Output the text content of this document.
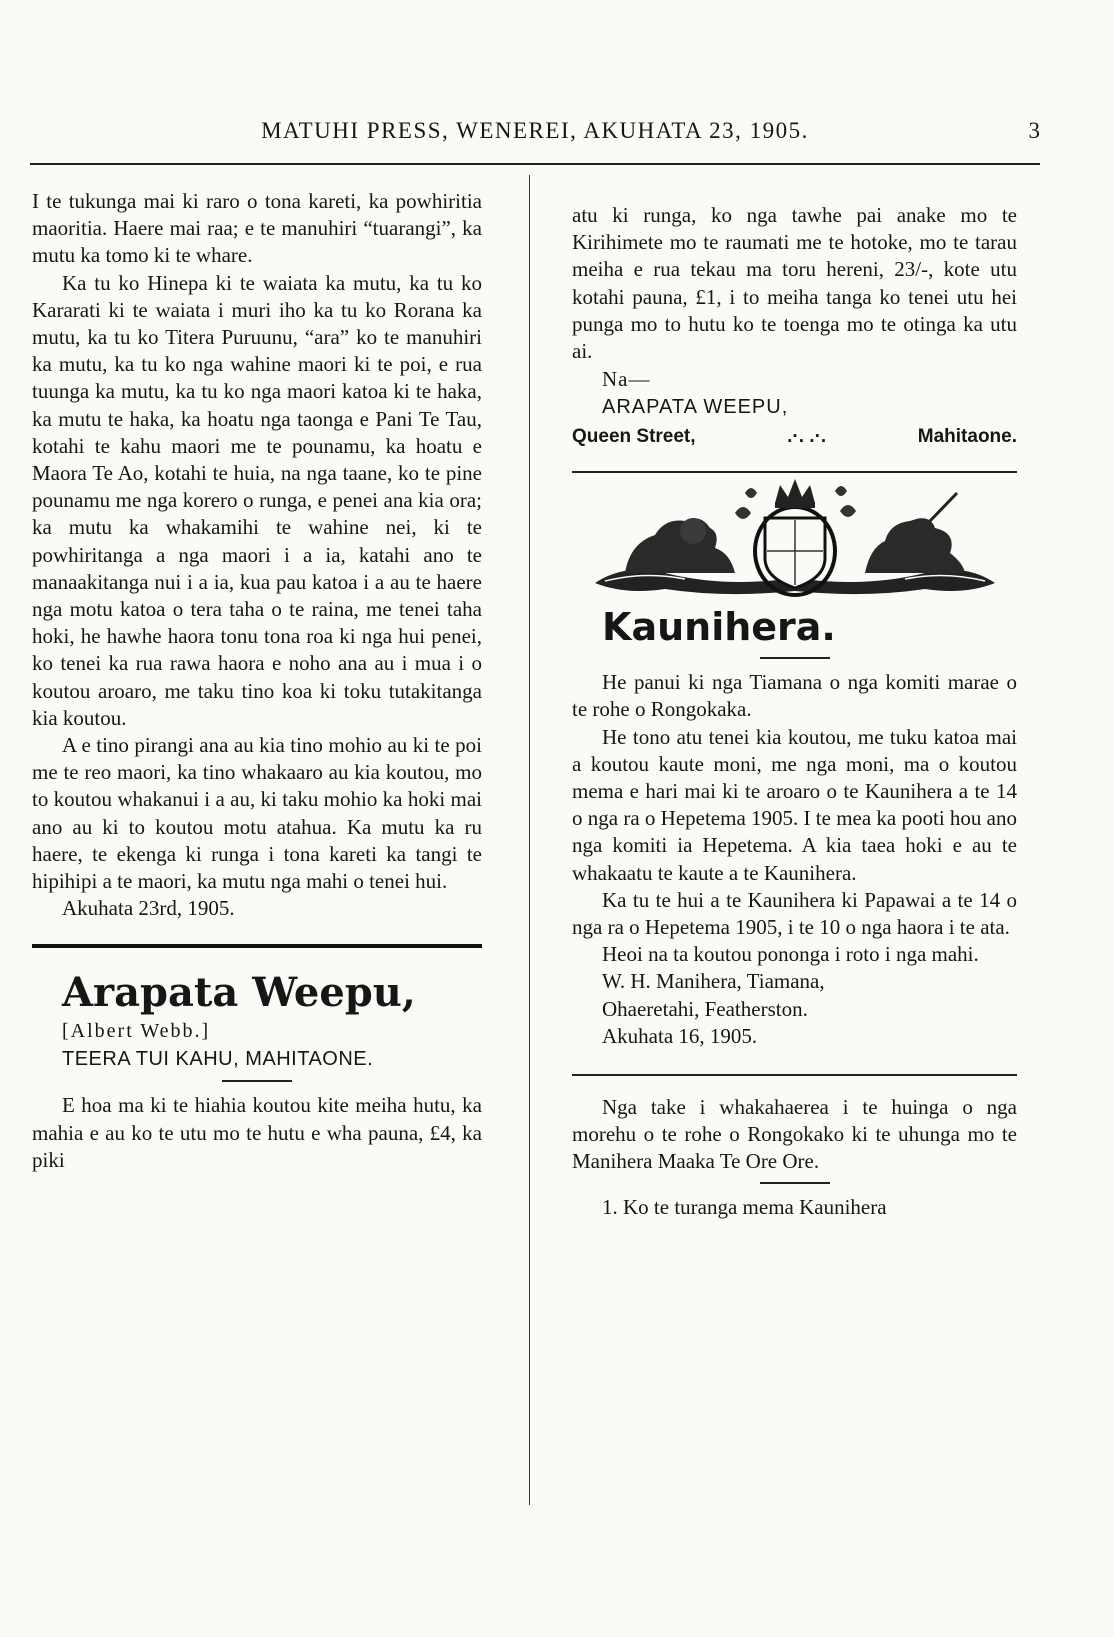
MATUHI PRESS, WENEREI, AKUHATA 23, 1905.	3

I te tukunga mai ki raro o tona kareti, ka powhiritia maoritia. Haere mai raa; e te manuhiri “tuarangi”, ka mutu ka tomo ki te whare.

Ka tu ko Hinepa ki te waiata ka mutu, ka tu ko Kararati ki te waiata i muri iho ka tu ko Rorana ka mutu, ka tu ko Titera Puruunu, “ara” ko te manuhiri ka mutu, ka tu ko nga wahine maori ki te poi, e rua tuunga ka mutu, ka tu ko nga maori katoa ki te haka, ka mutu te haka, ka hoatu nga taonga e Pani Te Tau, kotahi te kahu maori me te pounamu, ka hoatu e Maora Te Ao, kotahi te huia, na nga taane, ko te pine pounamu me nga korero o runga, e penei ana kia ora; ka mutu ka whakamihi te wahine nei, ki te powhiritanga a nga maori i a ia, katahi ano te manaakitanga nui i a ia, kua pau katoa i a au te haere nga motu katoa o tera taha o te raina, me tenei taha hoki, he hawhe haora tonu tona roa ki nga hui penei, ko tenei ka rua rawa haora e noho ana au i mua i o koutou aroaro, me taku tino koa ki toku tutakitanga kia koutou.

A e tino pirangi ana au kia tino mohio au ki te poi me te reo maori, ka tino whakaaro au kia koutou, mo to koutou whakanui i a au, ki taku mohio ka hoki mai ano au ki to koutou motu atahua. Ka mutu ka ru haere, te ekenga ki runga i tona kareti ka tangi te hipihipi a te maori, ka mutu nga mahi o tenei hui.

Akuhata 23rd, 1905.

Arapata Weepu,

[Albert Webb.]

TEERA TUI KAHU, MAHITAONE.

E hoa ma ki te hiahia koutou kite meiha hutu, ka mahia e au ko te utu mo te hutu e wha pauna, £4, ka piki

atu ki runga, ko nga tawhe pai anake mo te Kirihimete mo te raumati me te hotoke, mo te tarau meiha e rua tekau ma toru hereni, 23/-, kote utu kotahi pauna, £1, i to meiha tanga ko tenei utu hei punga mo to hutu ko te toenga mo te otinga ka utu ai.

Na—

ARAPATA WEEPU,

Queen Street,	.·. .·.	Mahitaone.

Kaunihera.

He panui ki nga Tiamana o nga komiti marae o te rohe o Rongokaka.

He tono atu tenei kia koutou, me tuku katoa mai a koutou kaute moni, me nga moni, ma o koutou mema e hari mai ki te aroaro o te Kaunihera a te 14 o nga ra o Hepetema 1905. I te mea ka pooti hou ano nga komiti ia Hepetema. A kia taea hoki e au te whakaatu te kaute a te Kaunihera.

Ka tu te hui a te Kaunihera ki Papawai a te 14 o nga ra o Hepetema 1905, i te 10 o nga haora i te ata.

Heoi na ta koutou pononga i roto i nga mahi.

W. H. Manihera, Tiamana,

Ohaeretahi, Featherston.

Akuhata 16, 1905.

Nga take i whakahaerea i te huinga o nga morehu o te rohe o Rongokako ki te uhunga mo te Manihera Maaka Te Ore Ore.

1. Ko te turanga mema Kaunihera
